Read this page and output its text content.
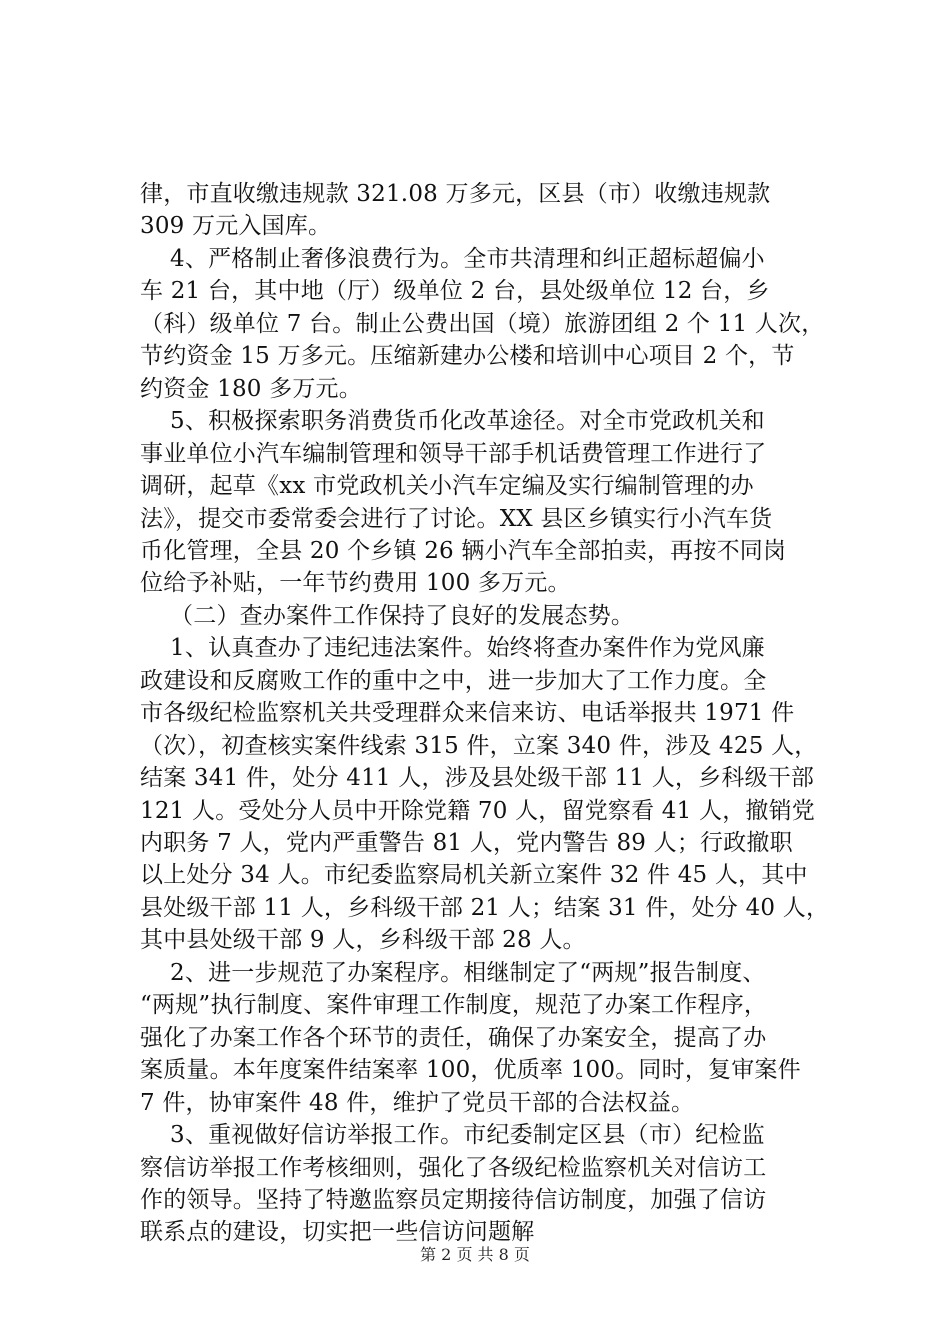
律，市直收缴违规款 321.08 万多元，区县（市）收缴违规款
309 万元入国库。
4、严格制止奢侈浪费行为。全市共清理和纠正超标超偏小
车 21 台，其中地（厅）级单位 2 台，县处级单位 12 台，乡
（科）级单位 7 台。制止公费出国（境）旅游团组 2 个 11 人次，
节约资金 15 万多元。压缩新建办公楼和培训中心项目 2 个，节
约资金 180 多万元。
5、积极探索职务消费货币化改革途径。对全市党政机关和
事业单位小汽车编制管理和领导干部手机话费管理工作进行了
调研，起草《xx 市党政机关小汽车定编及实行编制管理的办
法》，提交市委常委会进行了讨论。XX 县区乡镇实行小汽车货
币化管理，全县 20 个乡镇 26 辆小汽车全部拍卖，再按不同岗
位给予补贴，一年节约费用 100 多万元。
（二）查办案件工作保持了良好的发展态势。
1、认真查办了违纪违法案件。始终将查办案件作为党风廉
政建设和反腐败工作的重中之中，进一步加大了工作力度。全
市各级纪检监察机关共受理群众来信来访、电话举报共 1971 件
（次），初查核实案件线索 315 件，立案 340 件，涉及 425 人，
结案 341 件，处分 411 人，涉及县处级干部 11 人，乡科级干部
121 人。受处分人员中开除党籍 70 人，留党察看 41 人，撤销党
内职务 7 人，党内严重警告 81 人，党内警告 89 人；行政撤职
以上处分 34 人。市纪委监察局机关新立案件 32 件 45 人，其中
县处级干部 11 人，乡科级干部 21 人；结案 31 件，处分 40 人，
其中县处级干部 9 人，乡科级干部 28 人。
2、进一步规范了办案程序。相继制定了“两规”报告制度、
“两规”执行制度、案件审理工作制度，规范了办案工作程序，
强化了办案工作各个环节的责任，确保了办案安全，提高了办
案质量。本年度案件结案率 100，优质率 100。同时，复审案件
7 件，协审案件 48 件，维护了党员干部的合法权益。
3、重视做好信访举报工作。市纪委制定区县（市）纪检监
察信访举报工作考核细则，强化了各级纪检监察机关对信访工
作的领导。坚持了特邀监察员定期接待信访制度，加强了信访
联系点的建设，切实把一些信访问题解
第 2 页 共 8 页
